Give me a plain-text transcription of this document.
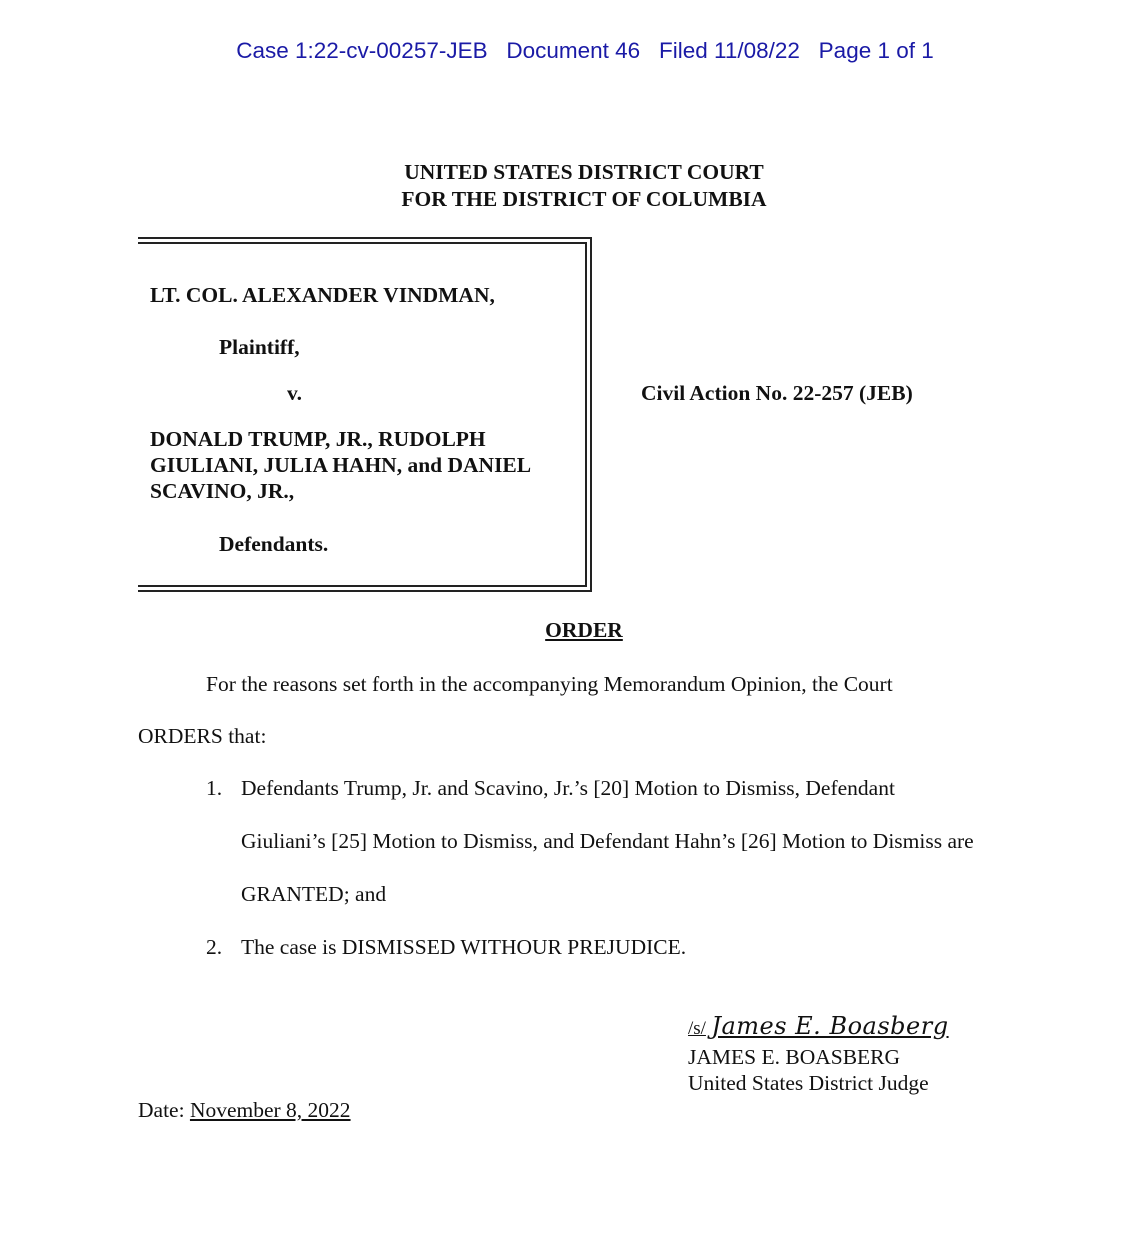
Case 1:22-cv-00257-JEB Document 46 Filed 11/08/22 Page 1 of 1
UNITED STATES DISTRICT COURT
FOR THE DISTRICT OF COLUMBIA
LT. COL. ALEXANDER VINDMAN,
Plaintiff,
v.
DONALD TRUMP, JR., RUDOLPH
GIULIANI, JULIA HAHN, and DANIEL
SCAVINO, JR.,
Defendants.
Civil Action No. 22-257 (JEB)
ORDER
For the reasons set forth in the accompanying Memorandum Opinion, the Court
ORDERS that:
1. Defendants Trump, Jr. and Scavino, Jr.’s [20] Motion to Dismiss, Defendant
Giuliani’s [25] Motion to Dismiss, and Defendant Hahn’s [26] Motion to Dismiss are
GRANTED; and
2. The case is DISMISSED WITHOUR PREJUDICE.
/s/ James E. Boasberg
JAMES E. BOASBERG
United States District Judge
Date: November 8, 2022
